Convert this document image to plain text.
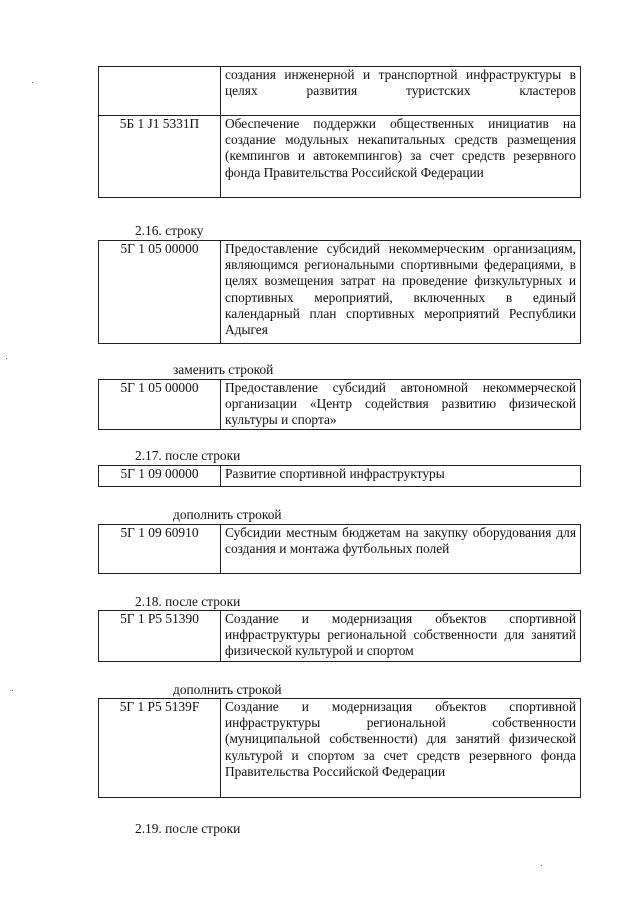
	создания инженерной и транспортной инфраструктуры в целях развития туристских кластеров
5Б 1 J1 5331П	Обеспечение поддержки общественных инициатив на создание модульных некапитальных средств размещения (кемпингов и автокемпингов) за счет средств резервного фонда Правительства Российской Федерации
2.16. строку
5Г 1 05 00000	Предоставление субсидий некоммерческим организациям, являющимся региональными спортивными федерациями, в целях возмещения затрат на проведение физкультурных и спортивных мероприятий, включенных в единый календарный план спортивных мероприятий Республики Адыгея
заменить строкой
5Г 1 05 00000	Предоставление субсидий автономной некоммерческой организации «Центр содействия развитию физической культуры и спорта»
2.17. после строки
5Г 1 09 00000	Развитие спортивной инфраструктуры
дополнить строкой
5Г 1 09 60910	Субсидии местным бюджетам на закупку оборудования для создания и монтажа футбольных полей
2.18. после строки
5Г 1 Р5 51390	Создание и модернизация объектов спортивной инфраструктуры региональной собственности для занятий физической культурой и спортом
дополнить строкой
5Г 1 Р5 5139F	Создание и модернизация объектов спортивной инфраструктуры региональной собственности (муниципальной собственности) для занятий физической культурой и спортом за счет средств резервного фонда Правительства Российской Федерации
2.19. после строки
